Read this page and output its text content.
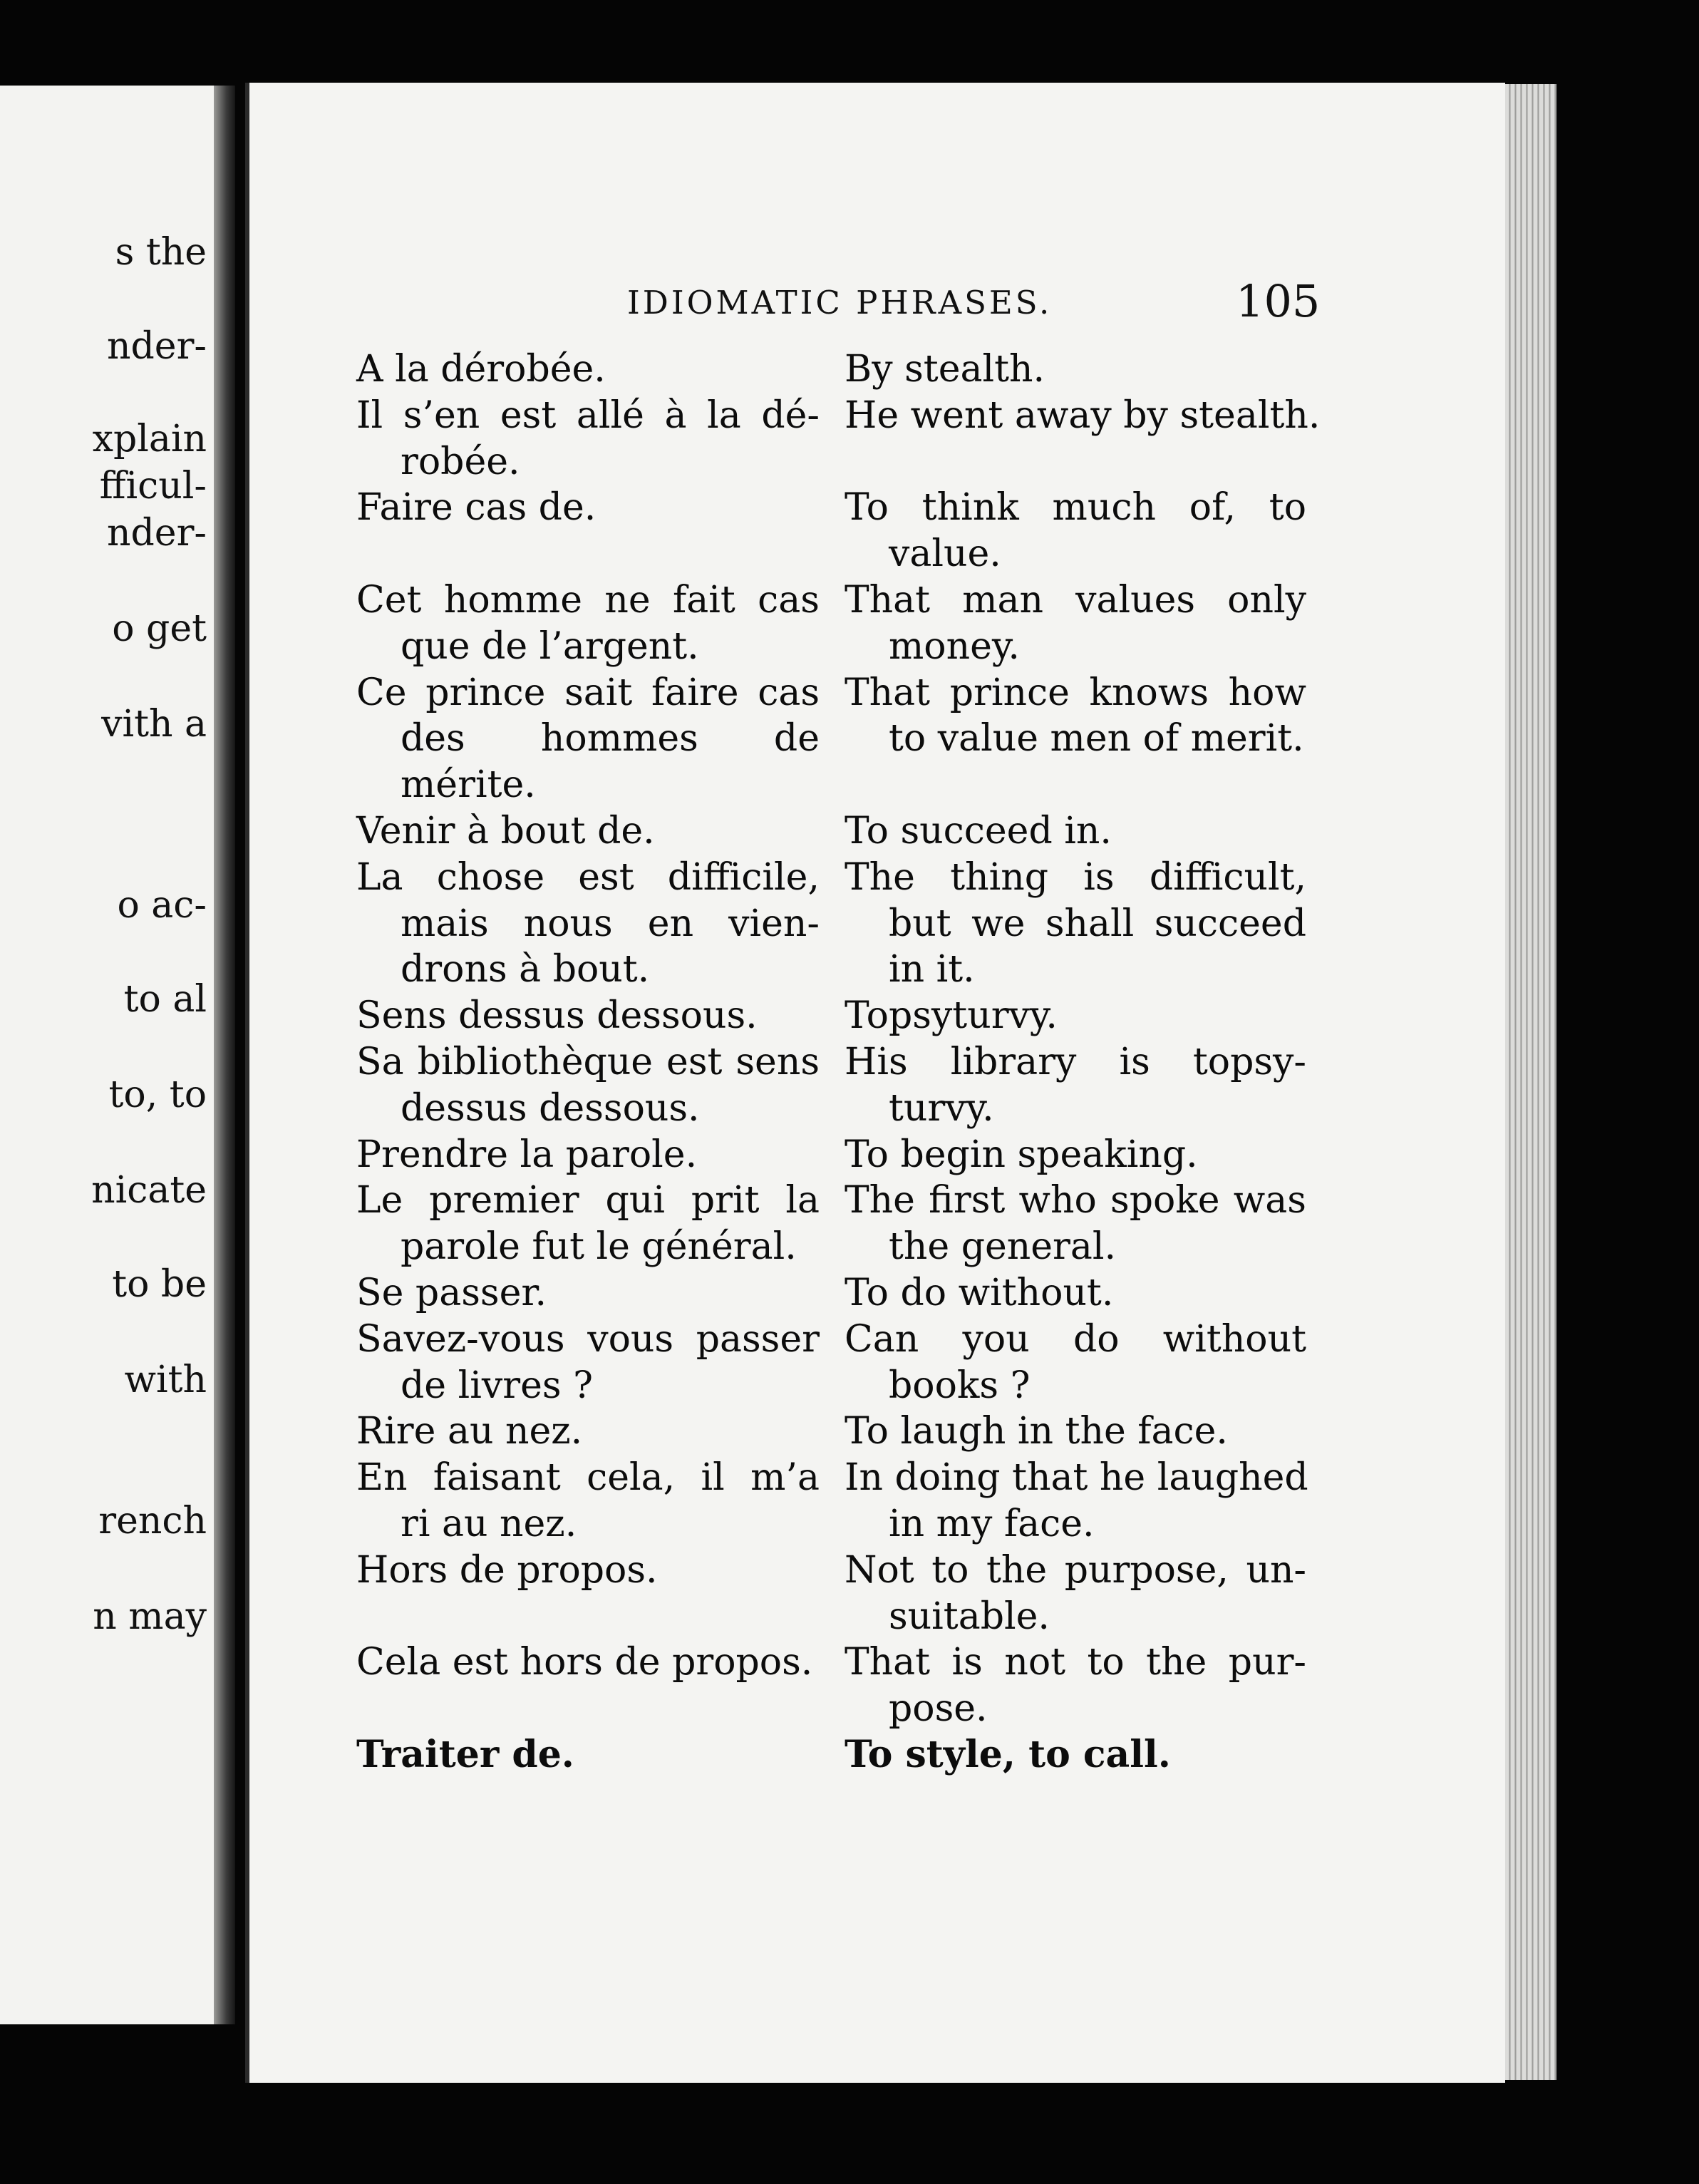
s the
nder-
xplain
fficul-
nder-
o get
vith a
o ac-
to al
to, to
nicate
to be
with
rench
n may
IDIOMATIC PHRASES.	105
A la dérobée.
Il s’en est allé à la dé-
robée.
Faire cas de.
Cet homme ne fait cas
que de l’argent.
Ce prince sait faire cas
des hommes de
mérite.
Venir à bout de.
La chose est difficile,
mais nous en vien-
drons à bout.
Sens dessus dessous.
Sa bibliothèque est sens
dessus dessous.
Prendre la parole.
Le premier qui prit la
parole fut le général.
Se passer.
Savez-vous vous passer
de livres ?
Rire au nez.
En faisant cela, il m’a
ri au nez.
Hors de propos.
Cela est hors de propos.
Traiter de.
By stealth.
He went away by stealth.
To think much of, to
value.
That man values only
money.
That prince knows how
to value men of merit.
To succeed in.
The thing is difficult,
but we shall succeed
in it.
Topsyturvy.
His library is topsy-
turvy.
To begin speaking.
The first who spoke was
the general.
To do without.
Can you do without
books ?
To laugh in the face.
In doing that he laughed
in my face.
Not to the purpose, un-
suitable.
That is not to the pur-
pose.
To style, to call.
